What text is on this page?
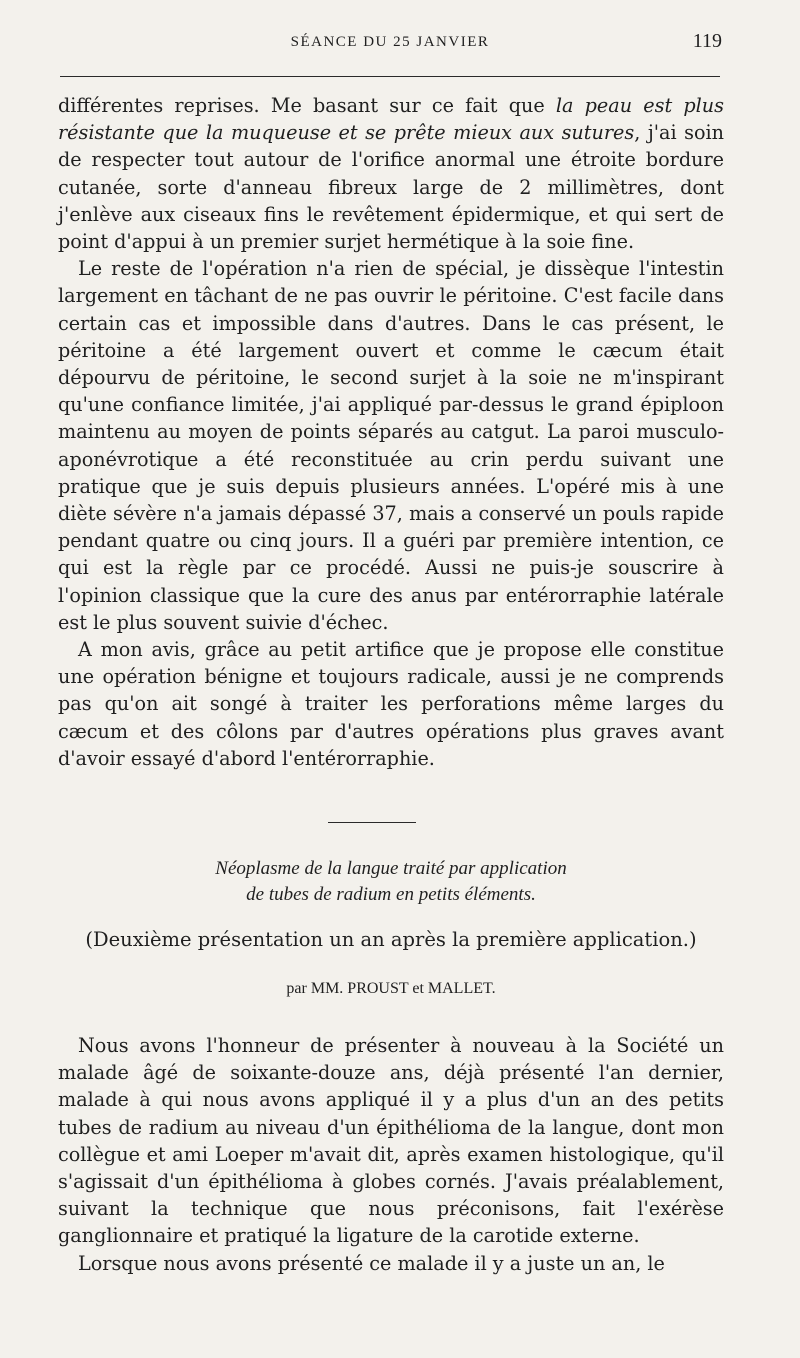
SÉANCE DU 25 JANVIER	119

différentes reprises. Me basant sur ce fait que la peau est plus résistante que la muqueuse et se prête mieux aux sutures, j'ai soin de respecter tout autour de l'orifice anormal une étroite bordure cutanée, sorte d'anneau fibreux large de 2 millimètres, dont j'enlève aux ciseaux fins le revêtement épidermique, et qui sert de point d'appui à un premier surjet hermétique à la soie fine.

Le reste de l'opération n'a rien de spécial, je dissèque l'intestin largement en tâchant de ne pas ouvrir le péritoine. C'est facile dans certain cas et impossible dans d'autres. Dans le cas présent, le péritoine a été largement ouvert et comme le cæcum était dépourvu de péritoine, le second surjet à la soie ne m'inspirant qu'une confiance limitée, j'ai appliqué par-dessus le grand épiploon maintenu au moyen de points séparés au catgut. La paroi musculo-aponévrotique a été reconstituée au crin perdu suivant une pratique que je suis depuis plusieurs années. L'opéré mis à une diète sévère n'a jamais dépassé 37, mais a conservé un pouls rapide pendant quatre ou cinq jours. Il a guéri par première intention, ce qui est la règle par ce procédé. Aussi ne puis-je souscrire à l'opinion classique que la cure des anus par entérorraphie latérale est le plus souvent suivie d'échec.

A mon avis, grâce au petit artifice que je propose elle constitue une opération bénigne et toujours radicale, aussi je ne comprends pas qu'on ait songé à traiter les perforations même larges du cæcum et des côlons par d'autres opérations plus graves avant d'avoir essayé d'abord l'entérorraphie.

Néoplasme de la langue traité par application
de tubes de radium en petits éléments.
(Deuxième présentation un an après la première application.)
par MM. PROUST et MALLET.

Nous avons l'honneur de présenter à nouveau à la Société un malade âgé de soixante-douze ans, déjà présenté l'an dernier, malade à qui nous avons appliqué il y a plus d'un an des petits tubes de radium au niveau d'un épithélioma de la langue, dont mon collègue et ami Loeper m'avait dit, après examen histologique, qu'il s'agissait d'un épithélioma à globes cornés. J'avais préalablement, suivant la technique que nous préconisons, fait l'exérèse ganglionnaire et pratiqué la ligature de la carotide externe.

Lorsque nous avons présenté ce malade il y a juste un an, le
